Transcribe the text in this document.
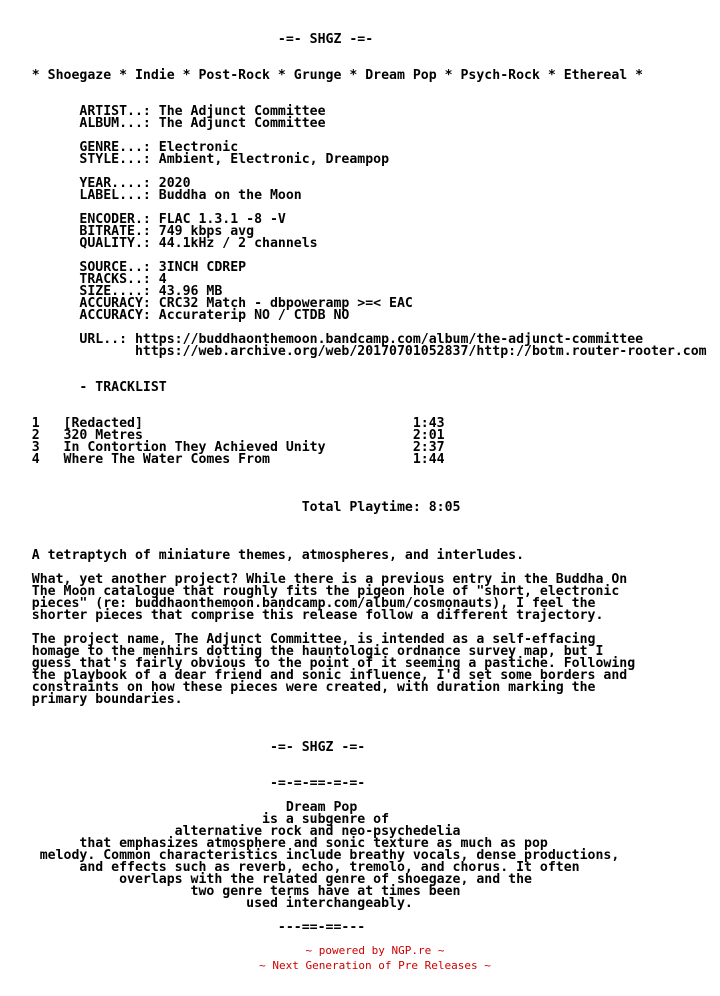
-=- SHGZ -=-

* Shoegaze * Indie * Post-Rock * Grunge * Dream Pop * Psych-Rock * Ethereal *

ARTIST..: The Adjunct Committee
ALBUM...: The Adjunct Committee

GENRE...: Electronic
STYLE...: Ambient, Electronic, Dreampop

YEAR....: 2020
LABEL...: Buddha on the Moon

ENCODER.: FLAC 1.3.1 -8 -V
BITRATE.: 749 kbps avg
QUALITY.: 44.1kHz / 2 channels

SOURCE..: 3INCH CDREP
TRACKS..: 4
SIZE....: 43.96 MB
ACCURACY: CRC32 Match - dbpoweramp >=< EAC
ACCURACY: Accuraterip NO / CTDB NO

URL..: https://buddhaonthemoon.bandcamp.com/album/the-adjunct-committee
https://web.archive.org/web/20170701052837/http://botm.router-rooter.com

- TRACKLIST

1   [Redacted]                                  1:43
2   320 Metres                                  2:01
3   In Contortion They Achieved Unity           2:37
4   Where The Water Comes From                  1:44

Total Playtime: 8:05

A tetraptych of miniature themes, atmospheres, and interludes.

What, yet another project? While there is a previous entry in the Buddha On
The Moon catalogue that roughly fits the pigeon hole of "short, electronic
pieces" (re: buddhaonthemoon.bandcamp.com/album/cosmonauts), I feel the
shorter pieces that comprise this release follow a different trajectory.

The project name, The Adjunct Committee, is intended as a self-effacing
homage to the menhirs dotting the hauntologic ordnance survey map, but I
guess that's fairly obvious to the point of it seeming a pastiche. Following
the playbook of a dear friend and sonic influence, I'd set some borders and
constraints on how these pieces were created, with duration marking the
primary boundaries.

-=- SHGZ -=-

-=-=-==-=-=-

Dream Pop
is a subgenre of
alternative rock and neo-psychedelia
that emphasizes atmosphere and sonic texture as much as pop
melody. Common characteristics include breathy vocals, dense productions,
and effects such as reverb, echo, tremolo, and chorus. It often
overlaps with the related genre of shoegaze, and the
two genre terms have at times been
used interchangeably.

---==-==---

~ powered by NGP.re ~
~ Next Generation of Pre Releases ~
